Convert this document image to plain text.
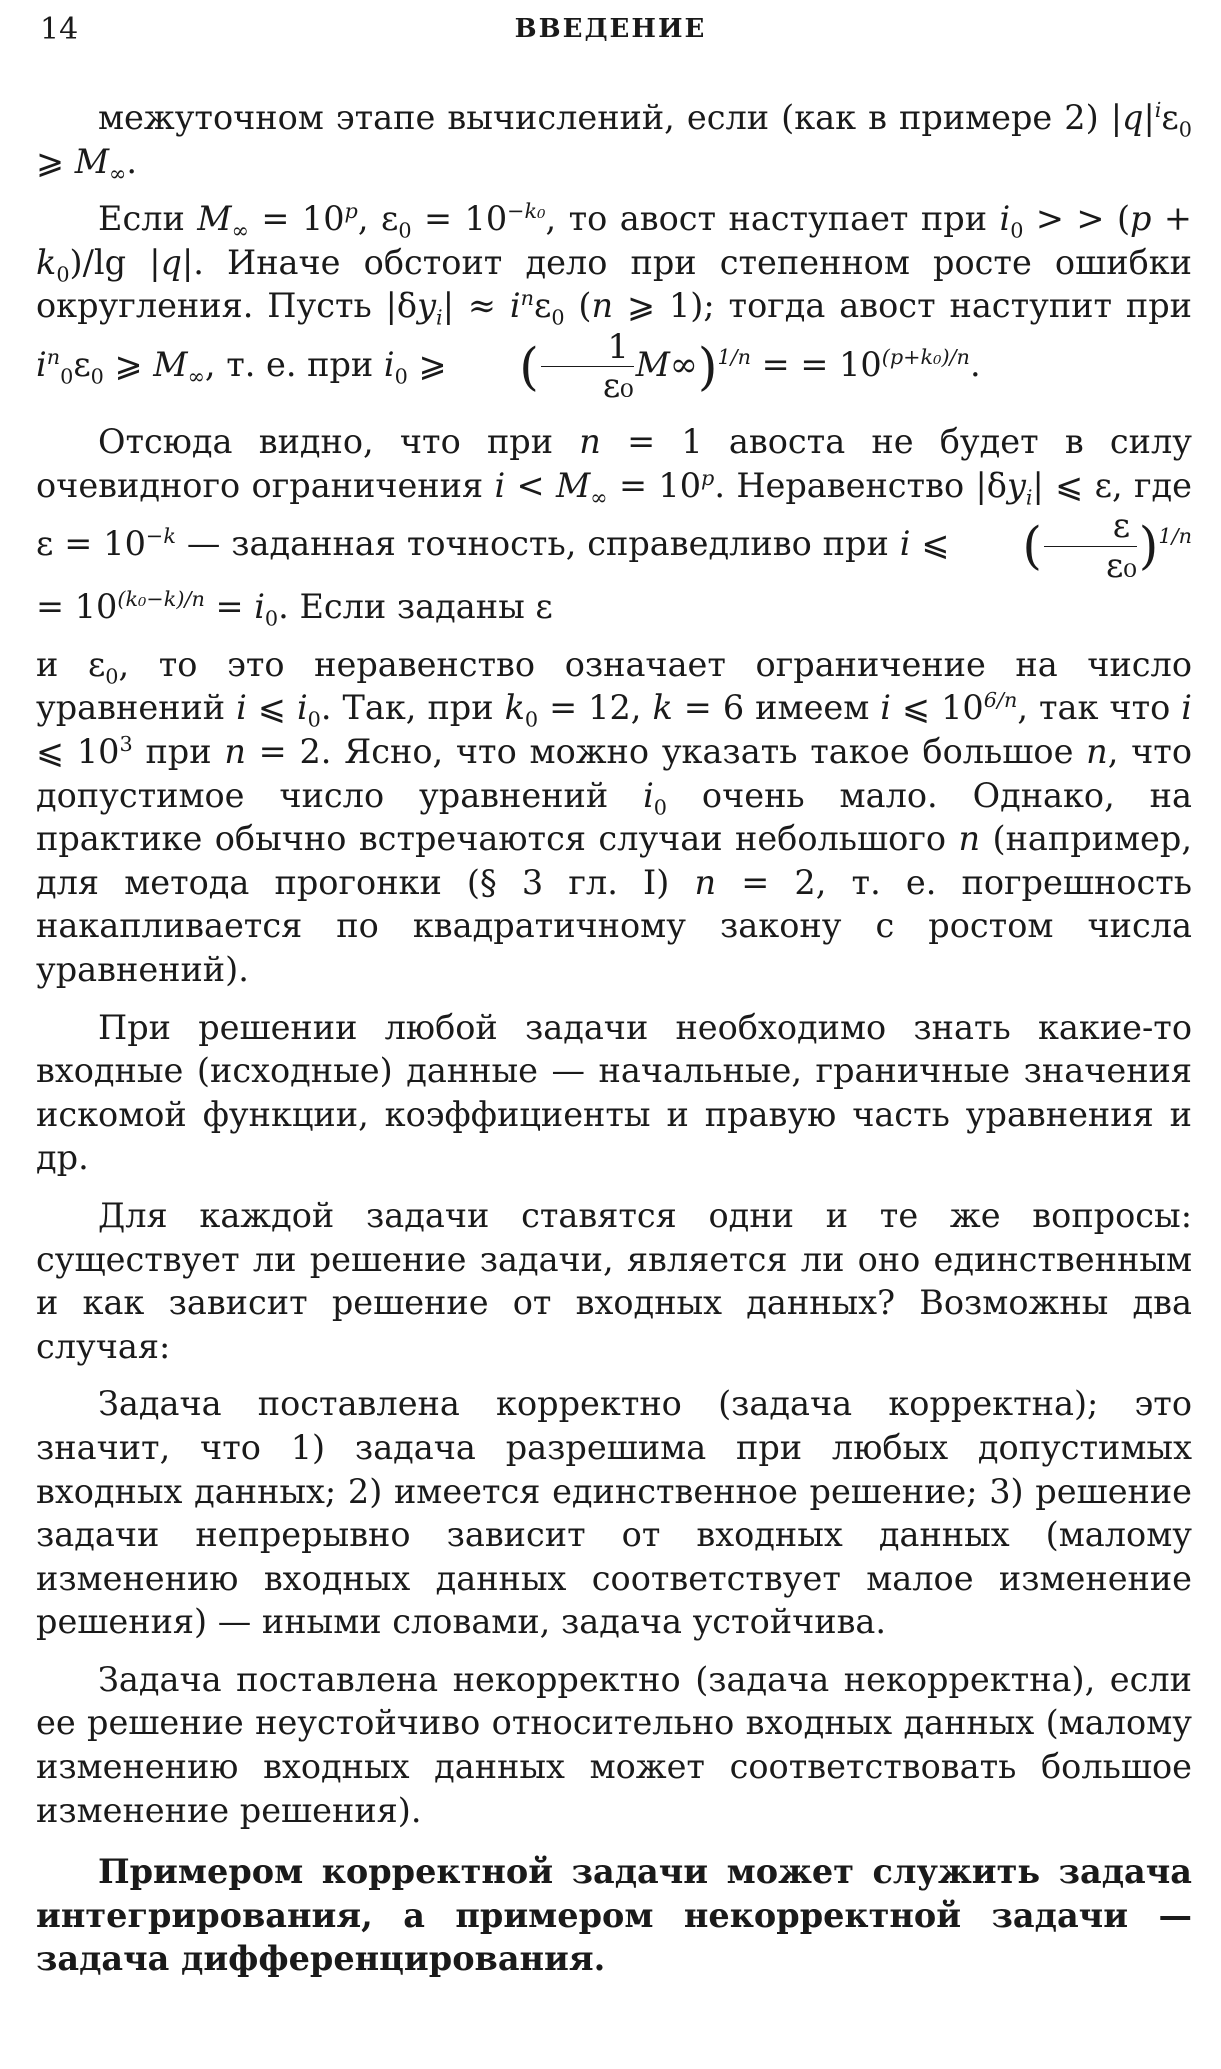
14	ВВЕДЕНИЕ

межуточном этапе вычислений, если (как в примере 2) $|q|^i\varepsilon_0$ ⩾ $M_\infty$.

Если $M_\infty = 10^p$, $\varepsilon_0 = 10^{-k_0}$, то авост наступает при $i_0$ > > $(p + k_0)/\lg$ |q|. Иначе обстоит дело при степенном росте ошибки округления. Пусть $|\delta y_i| \approx i^n\varepsilon_0$ (n ⩾ 1); тогда авост наступит при $i^n_0\varepsilon_0$ ⩾ $M_\infty$, т. е. при $i_0$ ⩾ ( $\frac{1}{\text{ε₀}} M\infty)^{1/n}$ = = $10^{(p+k_0)/n}$.

Отсюда видно, что при n = 1 авоста не будет в силу очевидного ограничения $i < M_\infty = 10^p$. Неравенство $|\delta y_i|$ ⩽ ε, где $\varepsilon = 10^{-k}$ — заданная точность, справедливо при i ⩽ ( $\frac{\varepsilon}{\text{ε₀}} )^{1/n} = 10^{(k_0-k)/n} = i_0$. Если заданы ε

и $\varepsilon_0$, то это неравенство означает ограничение на число уравнений i ⩽ $i_0$. Так, при $k_0 = 12$, k = 6 имеем i ⩽ $10^{6/n}$, так что i ⩽ $10^3$ при n = 2. Ясно, что можно указать такое большое n, что допустимое число уравнений $i_0$ очень мало. Однако, на практике обычно встречаются случаи небольшого n (например, для метода прогонки (§ 3 гл. I) n = 2, т. е. погрешность накапливается по квадратичному закону с ростом числа уравнений).

При решении любой задачи необходимо знать какие-то входные (исходные) данные — начальные, граничные значения искомой функции, коэффициенты и правую часть уравнения и др.

Для каждой задачи ставятся одни и те же вопросы: существует ли решение задачи, является ли оно единственным и как зависит решение от входных данных? Возможны два случая:

Задача поставлена корректно (задача корректна); это значит, что 1) задача разрешима при любых допустимых входных данных; 2) имеется единственное решение; 3) решение задачи непрерывно зависит от входных данных (малому изменению входных данных соответствует малое изменение решения) — иными словами, задача устойчива.

Задача поставлена некорректно (задача некорректна), если ее решение неустойчиво относительно входных данных (малому изменению входных данных может соответствовать большое изменение решения).

Примером корректной задачи может служить задача интегрирования, а примером некорректной задачи — задача дифференцирования.
